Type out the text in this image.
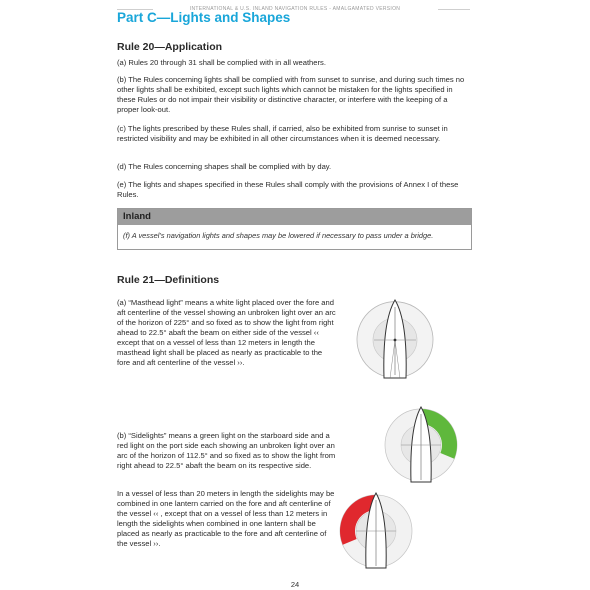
INTERNATIONAL & U.S. INLAND NAVIGATION RULES - AMALGAMATED VERSION
Part C—Lights and Shapes
Rule 20—Application

(a) Rules 20 through 31 shall be complied with in all weathers.

(b) The Rules concerning lights shall be complied with from sunset to sunrise, and during such times no other lights shall be exhibited, except such lights which cannot be mistaken for the lights specified in these Rules or do not impair their visibility or distinctive character, or interfere with the keeping of a proper look-out.

(c) The lights prescribed by these Rules shall, if carried, also be exhibited from sunrise to sunset in restricted visibility and may be exhibited in all other circumstances when it is deemed necessary.

(d) The Rules concerning shapes shall be complied with by day.

(e) The lights and shapes specified in these Rules shall comply with the provisions of Annex I of these Rules.

Inland
(f) A vessel’s navigation lights and shapes may be lowered if necessary to pass under a bridge.
Rule 21—Definitions

(a) “Masthead light” means a white light placed over the fore and aft centerline of the vessel showing an unbroken light over an arc of the horizon of 225° and so fixed as to show the light from right ahead to 22.5° abaft the beam on either side of the vessel ‹‹ except that on a vessel of less than 12 meters in length the masthead light shall be placed as nearly as practicable to the fore and aft centerline of the vessel ››.

(b) “Sidelights” means a green light on the starboard side and a red light on the port side each showing an unbroken light over an arc of the horizon of 112.5° and so fixed as to show the light from right ahead to 22.5° abaft the beam on its respective side.

In a vessel of less than 20 meters in length the sidelights may be combined in one lantern carried on the fore and aft centerline of the vessel ‹‹ , except that on a vessel of less than 12 meters in length the sidelights when combined in one lantern shall be placed as nearly as practicable to the fore and aft centerline of the vessel ››.

24
